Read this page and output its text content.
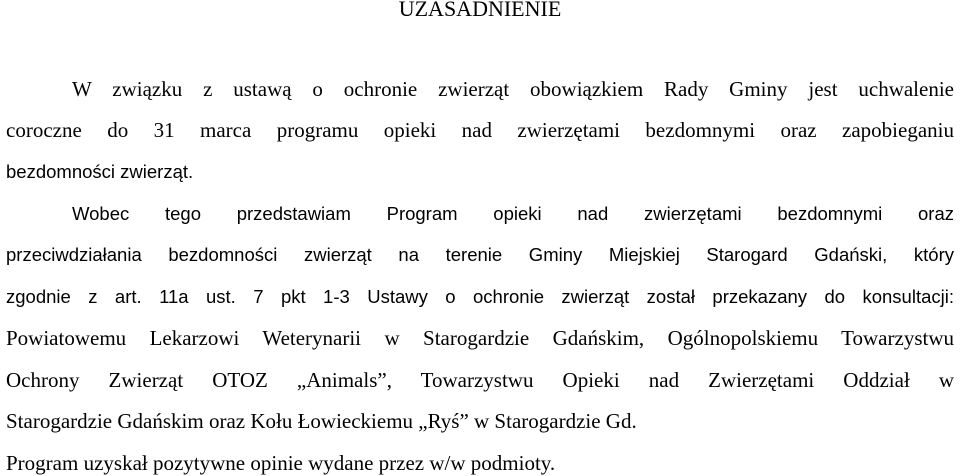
UZASADNIENIE

W związku z ustawą o ochronie zwierząt obowiązkiem Rady Gminy jest uchwalenie

coroczne do 31 marca programu opieki nad zwierzętami bezdomnymi oraz zapobieganiu

bezdomności zwierząt.

Wobec tego przedstawiam Program opieki nad zwierzętami bezdomnymi oraz

przeciwdziałania bezdomności zwierząt na terenie Gminy Miejskiej Starogard Gdański, który

zgodnie z art. 11a ust. 7 pkt 1-3 Ustawy o ochronie zwierząt został przekazany do konsultacji:

Powiatowemu Lekarzowi Weterynarii w Starogardzie Gdańskim, Ogólnopolskiemu Towarzystwu

Ochrony Zwierząt OTOZ „Animals”, Towarzystwu Opieki nad Zwierzętami Oddział w

Starogardzie Gdańskim oraz Kołu Łowieckiemu „Ryś” w Starogardzie Gd.

Program uzyskał pozytywne opinie wydane przez w/w podmioty.
